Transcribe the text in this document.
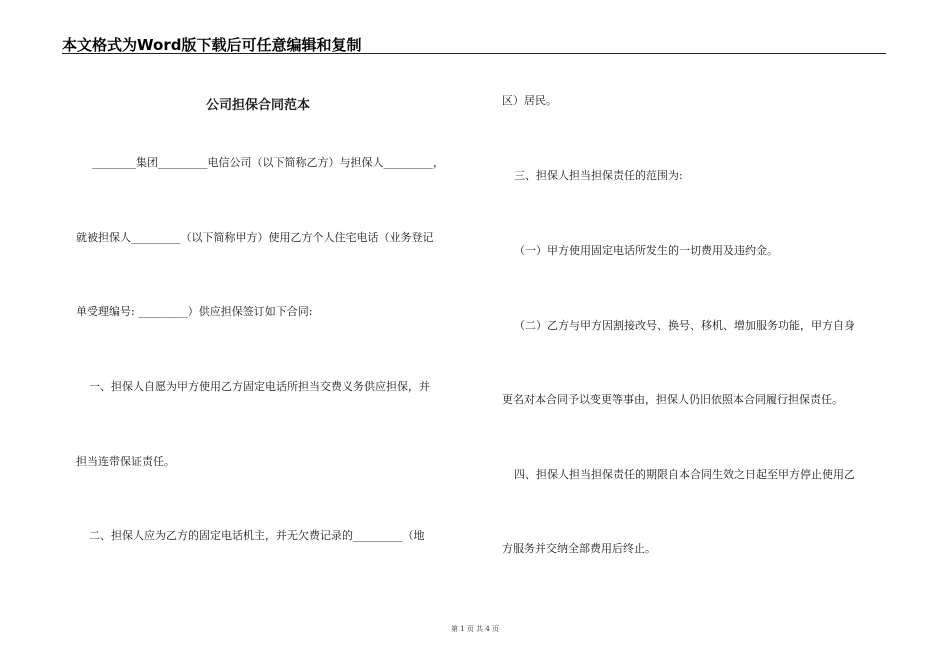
本文格式为Word版下载后可任意编辑和复制
公司担保合同范本

________集团_________电信公司（以下简称乙方）与担保人_________，

就被担保人_________（以下简称甲方）使用乙方个人住宅电话（业务登记

单受理编号: _________）供应担保签订如下合同:

一、担保人自愿为甲方使用乙方固定电话所担当交费义务供应担保，并

担当连带保证责任。

二、担保人应为乙方的固定电话机主，并无欠费记录的_________（地

区）居民。

三、担保人担当担保责任的范围为:

（一）甲方使用固定电话所发生的一切费用及违约金。

（二）乙方与甲方因割接改号、换号、移机、增加服务功能，甲方自身

更名对本合同予以变更等事由，担保人仍旧依照本合同履行担保责任。

四、担保人担当担保责任的期限自本合同生效之日起至甲方停止使用乙

方服务并交纳全部费用后终止。

第 1 页 共 4 页
